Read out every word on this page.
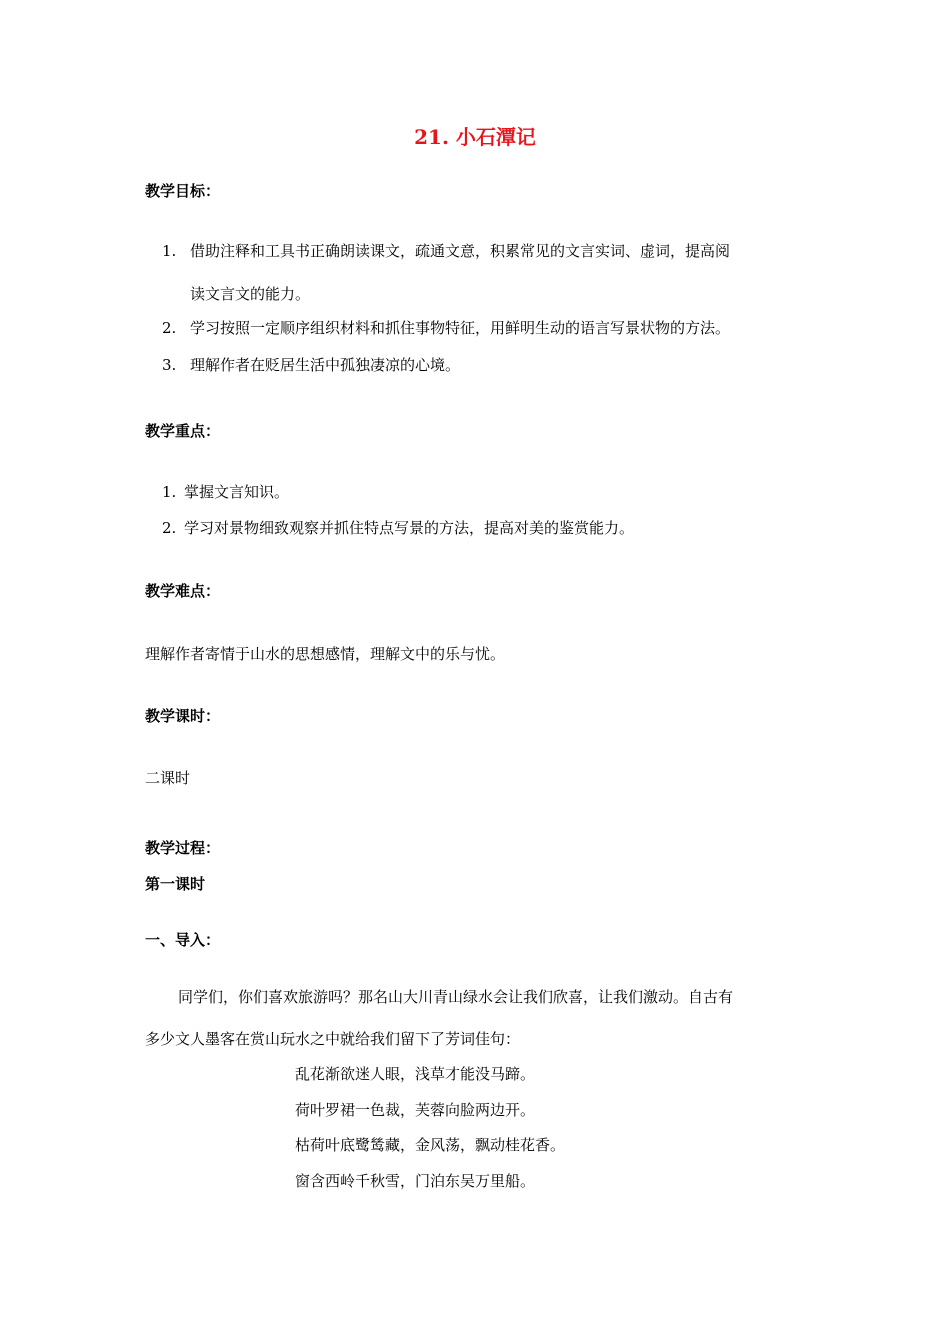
21. 小石潭记
教学目标：
1. 借助注释和工具书正确朗读课文，疏通文意，积累常见的文言实词、虚词，提高阅
读文言文的能力。
2. 学习按照一定顺序组织材料和抓住事物特征，用鲜明生动的语言写景状物的方法。
3. 理解作者在贬居生活中孤独凄凉的心境。
教学重点：
1. 掌握文言知识。
2. 学习对景物细致观察并抓住特点写景的方法，提高对美的鉴赏能力。
教学难点：
理解作者寄情于山水的思想感情，理解文中的乐与忧。
教学课时：
二课时
教学过程：
第一课时
一、导入：
同学们，你们喜欢旅游吗？那名山大川青山绿水会让我们欣喜，让我们激动。自古有
多少文人墨客在赏山玩水之中就给我们留下了芳词佳句：
乱花渐欲迷人眼，浅草才能没马蹄。
荷叶罗裙一色裁，芙蓉向脸两边开。
枯荷叶底鹭鸶藏，金风荡，飘动桂花香。
窗含西岭千秋雪，门泊东吴万里船。
